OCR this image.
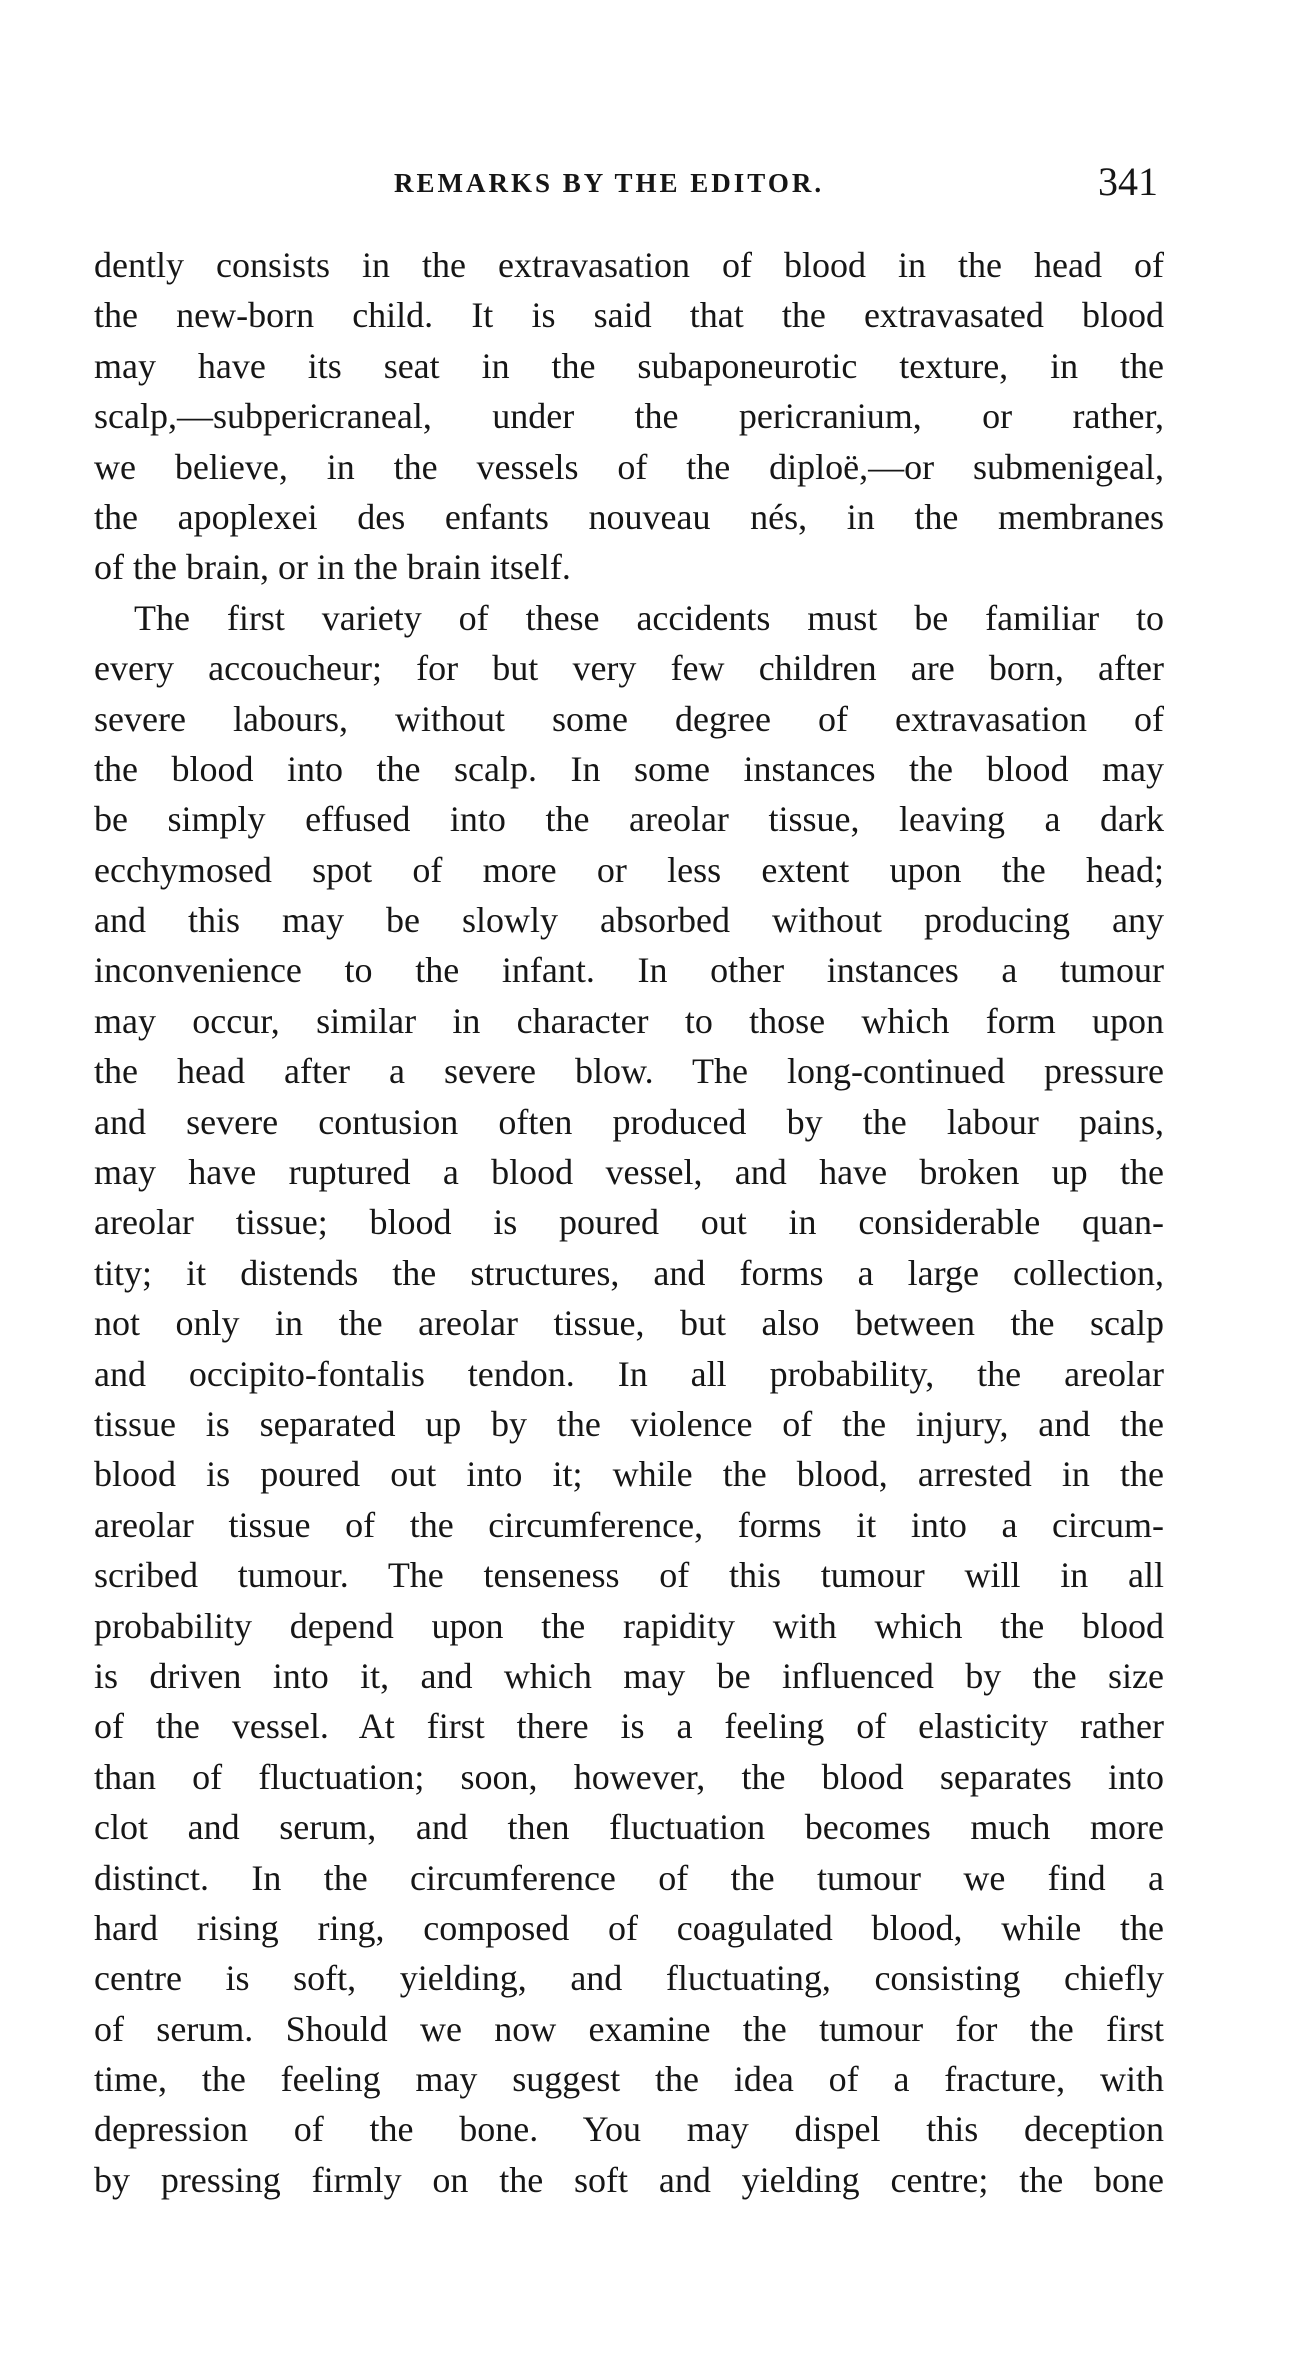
REMARKS BY THE EDITOR.	341
dently consists in the extravasation of blood in the head of
the new-born child. It is said that the extravasated blood
may have its seat in the subaponeurotic texture, in the
scalp,—subpericraneal, under the pericranium, or rather,
we believe, in the vessels of the diploë,—or submenigeal,
the apoplexei des enfants nouveau nés, in the membranes
of the brain, or in the brain itself.
The first variety of these accidents must be familiar to
every accoucheur; for but very few children are born, after
severe labours, without some degree of extravasation of
the blood into the scalp. In some instances the blood may
be simply effused into the areolar tissue, leaving a dark
ecchymosed spot of more or less extent upon the head;
and this may be slowly absorbed without producing any
inconvenience to the infant. In other instances a tumour
may occur, similar in character to those which form upon
the head after a severe blow. The long-continued pressure
and severe contusion often produced by the labour pains,
may have ruptured a blood vessel, and have broken up the
areolar tissue; blood is poured out in considerable quan-
tity; it distends the structures, and forms a large collection,
not only in the areolar tissue, but also between the scalp
and occipito-fontalis tendon. In all probability, the areolar
tissue is separated up by the violence of the injury, and the
blood is poured out into it; while the blood, arrested in the
areolar tissue of the circumference, forms it into a circum-
scribed tumour. The tenseness of this tumour will in all
probability depend upon the rapidity with which the blood
is driven into it, and which may be influenced by the size
of the vessel. At first there is a feeling of elasticity rather
than of fluctuation; soon, however, the blood separates into
clot and serum, and then fluctuation becomes much more
distinct. In the circumference of the tumour we find a
hard rising ring, composed of coagulated blood, while the
centre is soft, yielding, and fluctuating, consisting chiefly
of serum. Should we now examine the tumour for the first
time, the feeling may suggest the idea of a fracture, with
depression of the bone. You may dispel this deception
by pressing firmly on the soft and yielding centre; the bone
